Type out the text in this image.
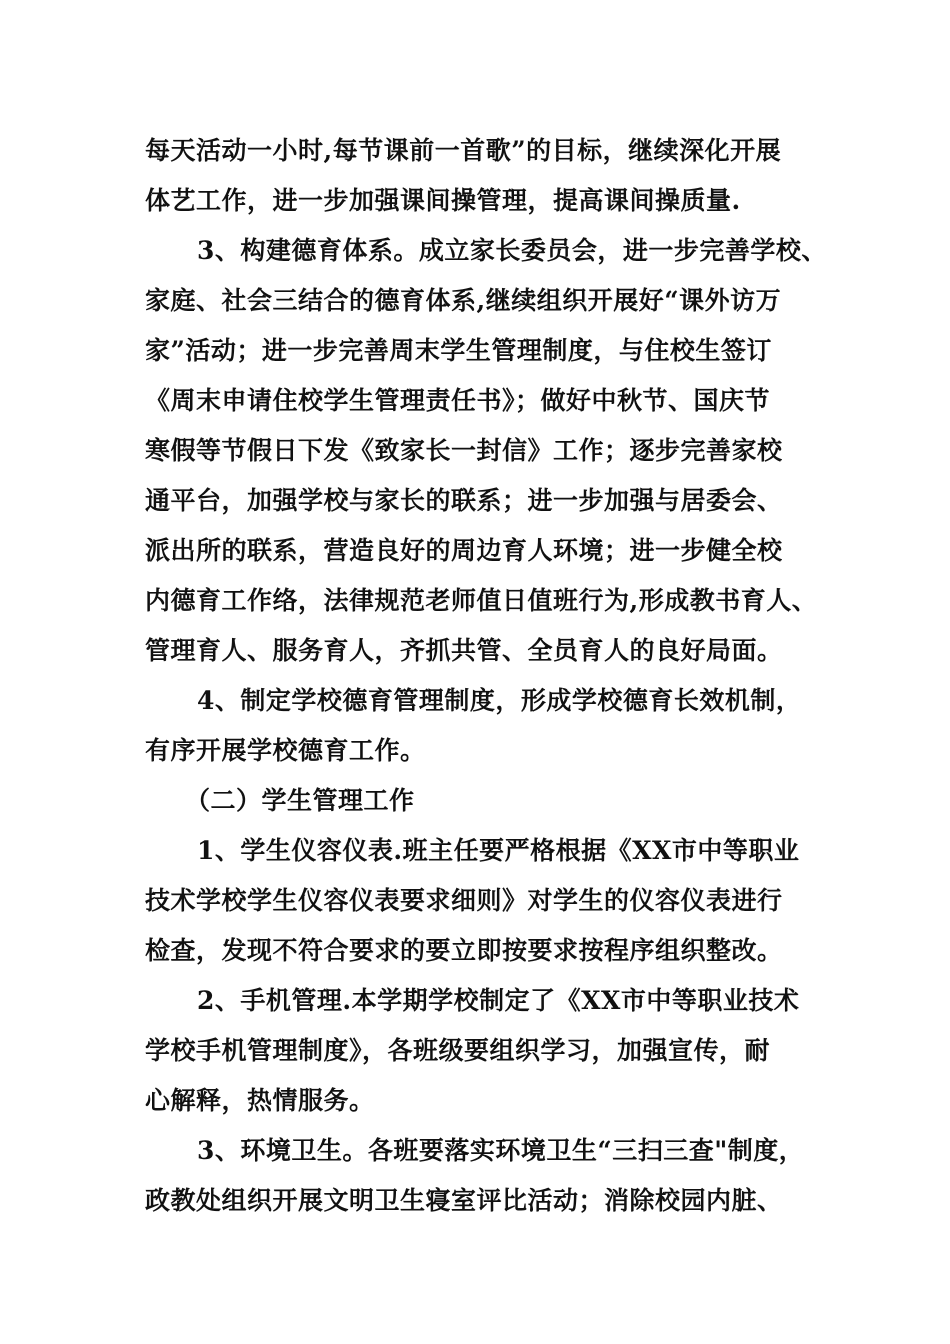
每天活动一小时,每节课前一首歌”的目标，继续深化开展
体艺工作，进一步加强课间操管理，提高课间操质量.
3、构建德育体系。成立家长委员会，进一步完善学校、
家庭、社会三结合的德育体系,继续组织开展好“课外访万
家”活动；进一步完善周末学生管理制度，与住校生签订
《周末申请住校学生管理责任书》；做好中秋节、国庆节
寒假等节假日下发《致家长一封信》工作；逐步完善家校
通平台，加强学校与家长的联系；进一步加强与居委会、
派出所的联系，营造良好的周边育人环境；进一步健全校
内德育工作络，法律规范老师值日值班行为,形成教书育人、
管理育人、服务育人，齐抓共管、全员育人的良好局面。
4、制定学校德育管理制度，形成学校德育长效机制，
有序开展学校德育工作。
（二）学生管理工作
1、学生仪容仪表.班主任要严格根据《XX市中等职业
技术学校学生仪容仪表要求细则》对学生的仪容仪表进行
检查，发现不符合要求的要立即按要求按程序组织整改。
2、手机管理.本学期学校制定了《XX市中等职业技术
学校手机管理制度》，各班级要组织学习，加强宣传，耐
心解释，热情服务。
3、环境卫生。各班要落实环境卫生“三扫三查"制度，
政教处组织开展文明卫生寝室评比活动；消除校园内脏、
